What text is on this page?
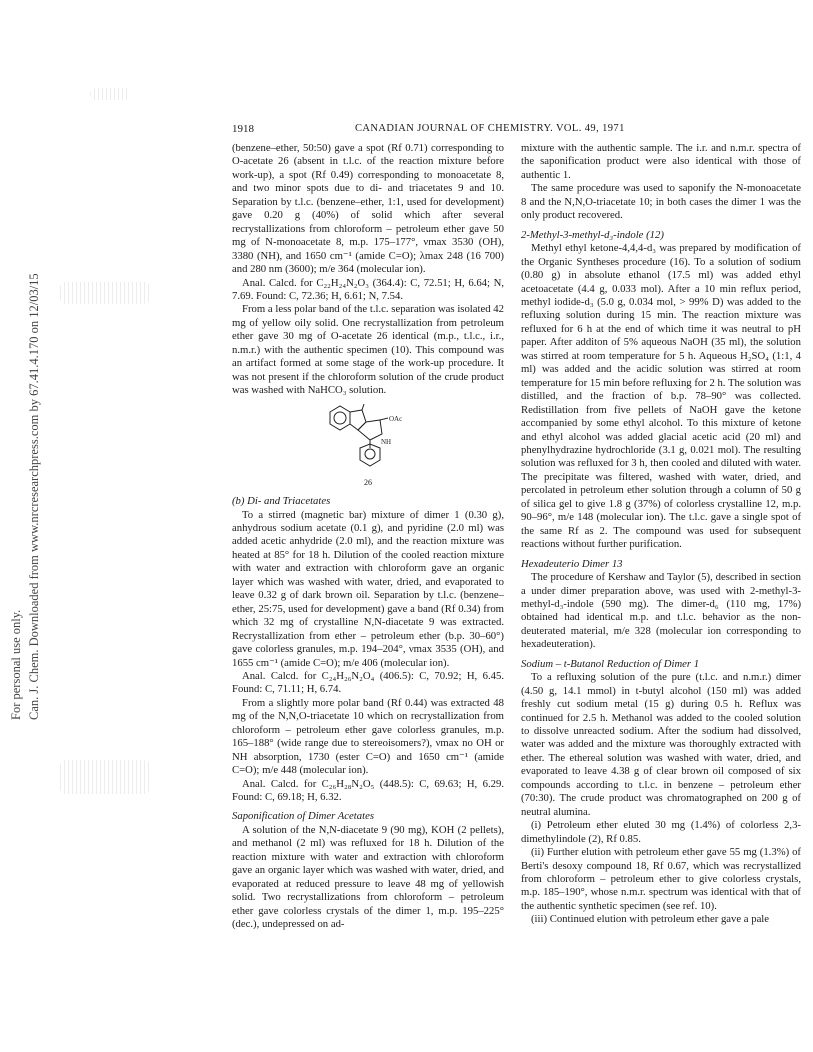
Can. J. Chem. Downloaded from www.nrcresearchpress.com by 67.41.4.170 on 12/03/15
For personal use only.
1918	CANADIAN JOURNAL OF CHEMISTRY. VOL. 49, 1971

(benzene–ether, 50:50) gave a spot (Rf 0.71) corresponding to O-acetate 26 (absent in t.l.c. of the reaction mixture before work-up), a spot (Rf 0.49) corresponding to monoacetate 8, and two minor spots due to di- and triacetates 9 and 10. Separation by t.l.c. (benzene–ether, 1:1, used for development) gave 0.20 g (40%) of solid which after several recrystallizations from chloroform – petroleum ether gave 50 mg of N-monoacetate 8, m.p. 175–177°, νmax 3530 (OH), 3380 (NH), and 1650 cm⁻¹ (amide C=O); λmax 248 (16 700) and 280 nm (3600); m/e 364 (molecular ion).

Anal. Calcd. for C₂₂H₂₄N₂O₃ (364.4): C, 72.51; H, 6.64; N, 7.69. Found: C, 72.36; H, 6.61; N, 7.54.

From a less polar band of the t.l.c. separation was isolated 42 mg of yellow oily solid. One recrystallization from petroleum ether gave 30 mg of O-acetate 26 identical (m.p., t.l.c., i.r., n.m.r.) with the authentic specimen (10). This compound was an artifact formed at some stage of the work-up procedure. It was not present if the chloroform solution of the crude product was washed with NaHCO₃ solution.

OAc
NH
26
(b) Di- and Triacetates

To a stirred (magnetic bar) mixture of dimer 1 (0.30 g), anhydrous sodium acetate (0.1 g), and pyridine (2.0 ml) was added acetic anhydride (2.0 ml), and the reaction mixture was heated at 85° for 18 h. Dilution of the cooled reaction mixture with water and extraction with chloroform gave an organic layer which was washed with water, dried, and evaporated to leave 0.32 g of dark brown oil. Separation by t.l.c. (benzene–ether, 25:75, used for development) gave a band (Rf 0.34) from which 32 mg of crystalline N,N-diacetate 9 was extracted. Recrystallization from ether – petroleum ether (b.p. 30–60°) gave colorless granules, m.p. 194–204°, νmax 3535 (OH), and 1655 cm⁻¹ (amide C=O); m/e 406 (molecular ion).

Anal. Calcd. for C₂₄H₂₆N₂O₄ (406.5): C, 70.92; H, 6.45. Found: C, 71.11; H, 6.74.

From a slightly more polar band (Rf 0.44) was extracted 48 mg of the N,N,O-triacetate 10 which on recrystallization from chloroform – petroleum ether gave colorless granules, m.p. 165–188° (wide range due to stereoisomers?), νmax no OH or NH absorption, 1730 (ester C=O) and 1650 cm⁻¹ (amide C=O); m/e 448 (molecular ion).

Anal. Calcd. for C₂₆H₂₈N₂O₅ (448.5): C, 69.63; H, 6.29. Found: C, 69.18; H, 6.32.

Saponification of Dimer Acetates

A solution of the N,N-diacetate 9 (90 mg), KOH (2 pellets), and methanol (2 ml) was refluxed for 18 h. Dilution of the reaction mixture with water and extraction with chloroform gave an organic layer which was washed with water, dried, and evaporated at reduced pressure to leave 48 mg of yellowish solid. Two recrystallizations from chloroform – petroleum ether gave colorless crystals of the dimer 1, m.p. 195–225° (dec.), undepressed on ad-

mixture with the authentic sample. The i.r. and n.m.r. spectra of the saponification product were also identical with those of authentic 1.

The same procedure was used to saponify the N-monoacetate 8 and the N,N,O-triacetate 10; in both cases the dimer 1 was the only product recovered.

2-Methyl-3-methyl-d₃-indole (12)

Methyl ethyl ketone-4,4,4-d₃ was prepared by modification of the Organic Syntheses procedure (16). To a solution of sodium (0.80 g) in absolute ethanol (17.5 ml) was added ethyl acetoacetate (4.4 g, 0.033 mol). After a 10 min reflux period, methyl iodide-d₃ (5.0 g, 0.034 mol, > 99% D) was added to the refluxing solution during 15 min. The reaction mixture was refluxed for 6 h at the end of which time it was neutral to pH paper. After additon of 5% aqueous NaOH (35 ml), the solution was stirred at room temperature for 5 h. Aqueous H₂SO₄ (1:1, 4 ml) was added and the acidic solution was stirred at room temperature for 15 min before refluxing for 2 h. The solution was distilled, and the fraction of b.p. 78–90° was collected. Redistillation from five pellets of NaOH gave the ketone accompanied by some ethyl alcohol. To this mixture of ketone and ethyl alcohol was added glacial acetic acid (20 ml) and phenylhydrazine hydrochloride (3.1 g, 0.021 mol). The resulting solution was refluxed for 3 h, then cooled and diluted with water. The precipitate was filtered, washed with water, dried, and percolated in petroleum ether solution through a column of 50 g of silica gel to give 1.8 g (37%) of colorless crystalline 12, m.p. 90–96°, m/e 148 (molecular ion). The t.l.c. gave a single spot of the same Rf as 2. The compound was used for subsequent reactions without further purification.

Hexadeuterio Dimer 13

The procedure of Kershaw and Taylor (5), described in section a under dimer preparation above, was used with 2-methyl-3-methyl-d₃-indole (590 mg). The dimer-d₆ (110 mg, 17%) obtained had identical m.p. and t.l.c. behavior as the non-deuterated material, m/e 328 (molecular ion corresponding to hexadeuteration).

Sodium – t-Butanol Reduction of Dimer 1

To a refluxing solution of the pure (t.l.c. and n.m.r.) dimer (4.50 g, 14.1 mmol) in t-butyl alcohol (150 ml) was added freshly cut sodium metal (15 g) during 0.5 h. Reflux was continued for 2.5 h. Methanol was added to the cooled solution to dissolve unreacted sodium. After the sodium had dissolved, water was added and the mixture was thoroughly extracted with ether. The ethereal solution was washed with water, dried, and evaporated to leave 4.38 g of clear brown oil composed of six compounds according to t.l.c. in benzene – petroleum ether (70:30). The crude product was chromatographed on 200 g of neutral alumina.

(i) Petroleum ether eluted 30 mg (1.4%) of colorless 2,3-dimethylindole (2), Rf 0.85.

(ii) Further elution with petroleum ether gave 55 mg (1.3%) of Berti's desoxy compound 18, Rf 0.67, which was recrystallized from chloroform – petroleum ether to give colorless crystals, m.p. 185–190°, whose n.m.r. spectrum was identical with that of the authentic synthetic specimen (see ref. 10).

(iii) Continued elution with petroleum ether gave a pale
